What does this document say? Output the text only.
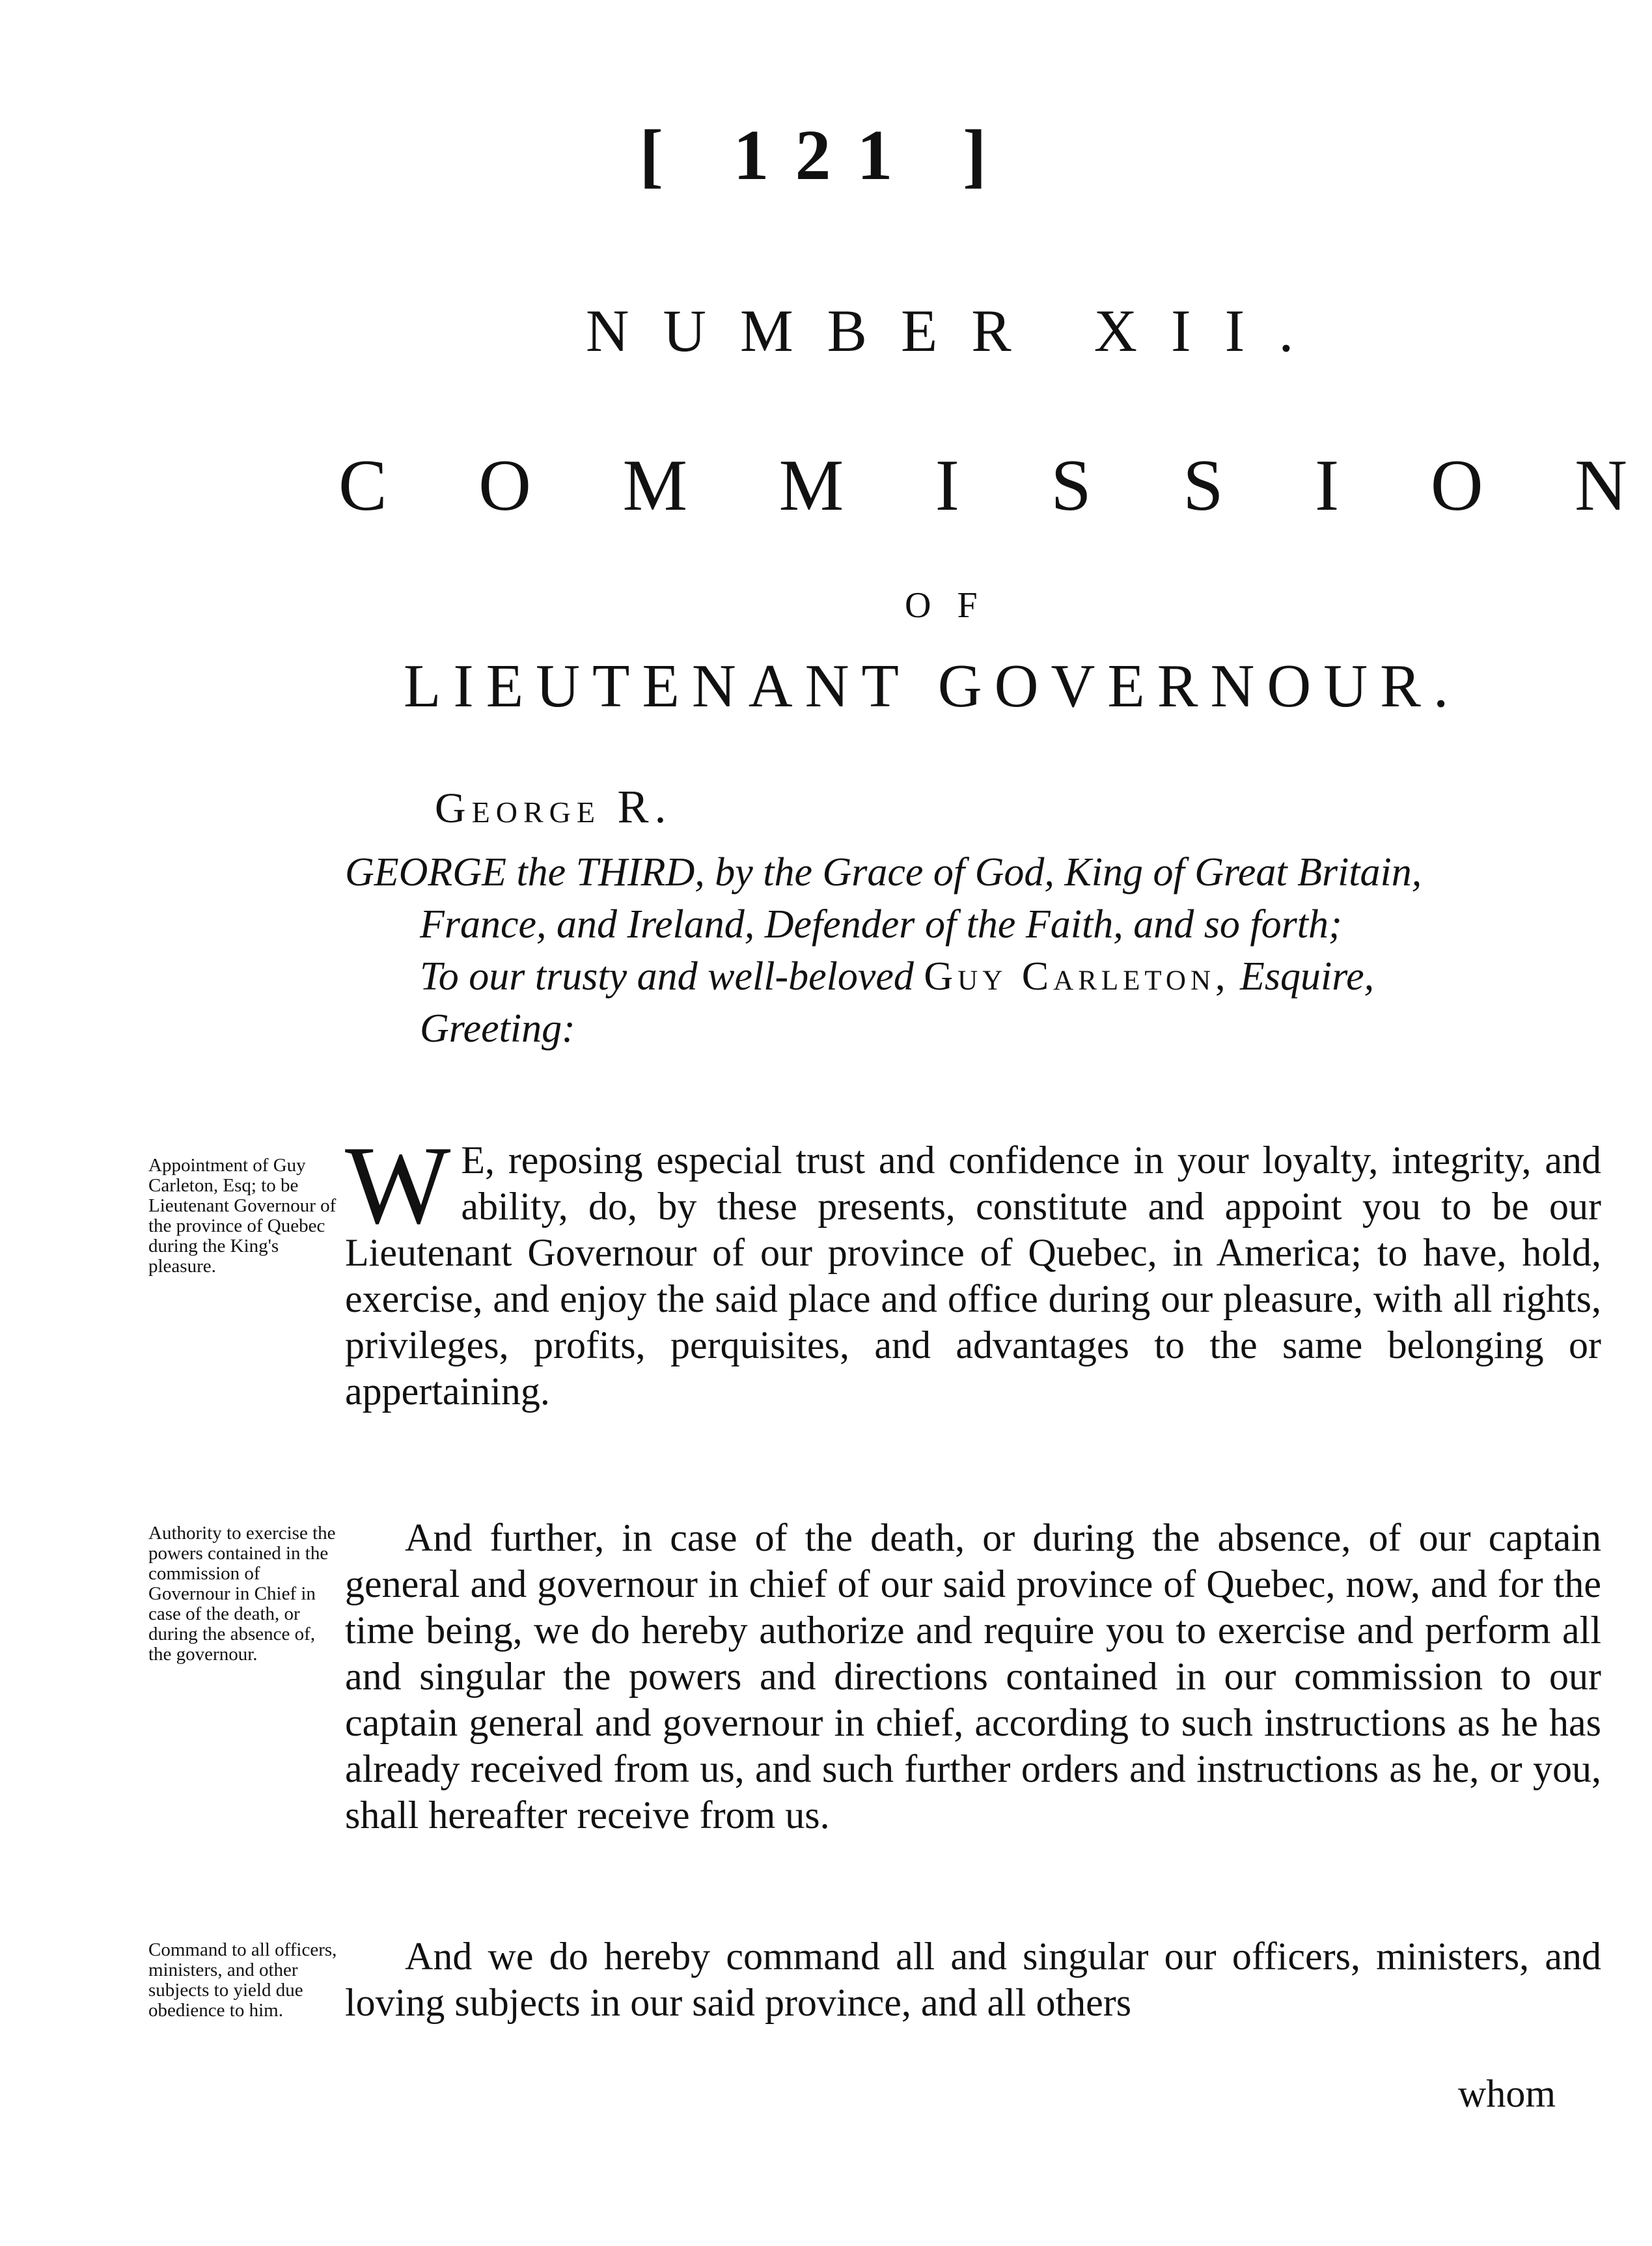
[ 121 ]
NUMBER XII.
C O M M I S S I O N
OF
LIEUTENANT GOVERNOUR.
George R.
GEORGE the THIRD, by the Grace of God, King of Great Britain,
France, and Ireland, Defender of the Faith, and so forth;
To our trusty and well-beloved Guy Carleton, Esquire,
Greeting:
Appointment of Guy Carleton, Esq; to be Lieutenant Governour of the province of Quebec during the King's pleasure.
W E, reposing especial trust and confidence in your loyalty, integrity, and ability, do, by these presents, constitute and appoint you to be our Lieutenant Governour of our province of Quebec, in America; to have, hold, exercise, and enjoy the said place and office during our pleasure, with all rights, privileges, profits, perquisites, and advantages to the same belonging or appertaining.
Authority to exercise the powers contained in the commission of Governour in Chief in case of the death, or during the absence of, the governour.
And further, in case of the death, or during the absence, of our captain general and governour in chief of our said province of Quebec, now, and for the time being, we do hereby authorize and require you to exercise and perform all and singular the powers and directions contained in our commission to our captain general and governour in chief, according to such instructions as he has already received from us, and such further orders and instructions as he, or you, shall hereafter receive from us.
Command to all officers, ministers, and other subjects to yield due obedience to him.
And we do hereby command all and singular our officers, ministers, and loving subjects in our said province, and all others
whom
